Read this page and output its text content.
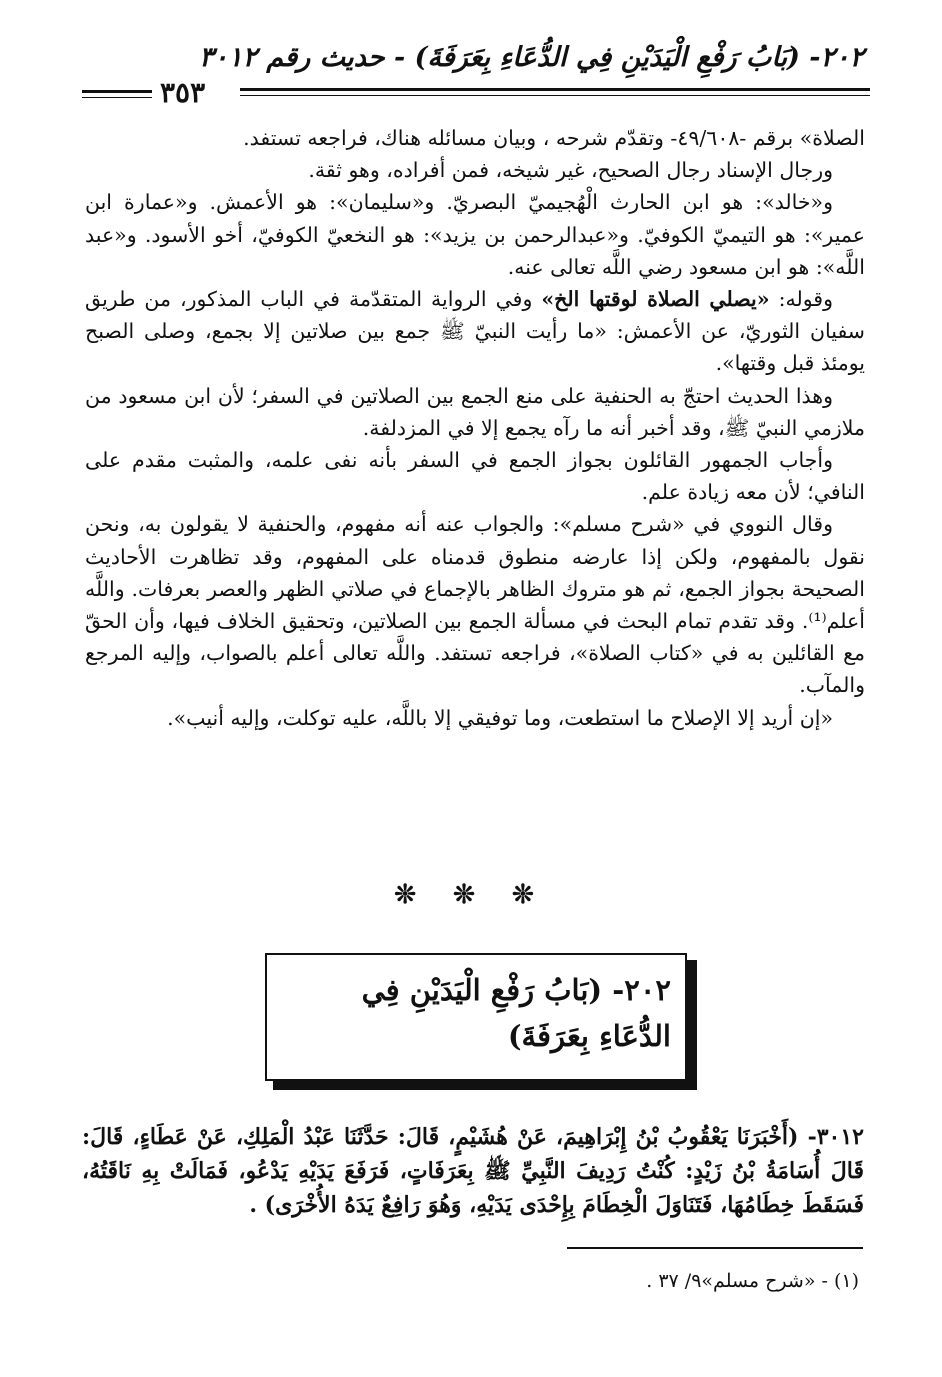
٢٠٢- (بَابُ رَفْعِ الْيَدَيْنِ فِي الدُّعَاءِ بِعَرَفَةَ) - حديث رقم ٣٠١٢
٣٥٣

الصلاة» برقم -٤٩/٦٠٨- وتقدّم شرحه ، وبيان مسائله هناك، فراجعه تستفد.

ورجال الإسناد رجال الصحيح، غير شيخه، فمن أفراده، وهو ثقة.

و«خالد»: هو ابن الحارث الْهُجيميّ البصريّ. و«سليمان»: هو الأعمش. و«عمارة ابن عمير»: هو التيميّ الكوفيّ. و«عبدالرحمن بن يزيد»: هو النخعيّ الكوفيّ، أخو الأسود. و«عبد اللَّه»: هو ابن مسعود رضي اللَّه تعالى عنه.

وقوله: «يصلي الصلاة لوقتها الخ» وفي الرواية المتقدّمة في الباب المذكور، من طريق سفيان الثوريّ، عن الأعمش: «ما رأيت النبيّ ﷺ جمع بين صلاتين إلا بجمع، وصلى الصبح يومئذ قبل وقتها».

وهذا الحديث احتجّ به الحنفية على منع الجمع بين الصلاتين في السفر؛ لأن ابن مسعود من ملازمي النبيّ ﷺ، وقد أخبر أنه ما رآه يجمع إلا في المزدلفة.

وأجاب الجمهور القائلون بجواز الجمع في السفر بأنه نفى علمه، والمثبت مقدم على النافي؛ لأن معه زيادة علم.

وقال النووي في «شرح مسلم»: والجواب عنه أنه مفهوم، والحنفية لا يقولون به، ونحن نقول بالمفهوم، ولكن إذا عارضه منطوق قدمناه على المفهوم، وقد تظاهرت الأحاديث الصحيحة بجواز الجمع، ثم هو متروك الظاهر بالإجماع في صلاتي الظهر والعصر بعرفات. واللَّه أعلم⁽¹⁾. وقد تقدم تمام البحث في مسألة الجمع بين الصلاتين، وتحقيق الخلاف فيها، وأن الحقّ مع القائلين به في «كتاب الصلاة»، فراجعه تستفد. واللَّه تعالى أعلم بالصواب، وإليه المرجع والمآب.

«إن أريد إلا الإصلاح ما استطعت، وما توفيقي إلا باللَّه، عليه توكلت، وإليه أنيب».

❊ ❊ ❊
٢٠٢- (بَابُ رَفْعِ الْيَدَيْنِ فِي الدُّعَاءِ بِعَرَفَةَ)
٣٠١٢- (أَخْبَرَنَا يَعْقُوبُ بْنُ إِبْرَاهِيمَ، عَنْ هُشَيْمٍ، قَالَ: حَدَّثَنَا عَبْدُ الْمَلِكِ، عَنْ عَطَاءٍ، قَالَ: قَالَ أُسَامَةُ بْنُ زَيْدٍ: كُنْتُ رَدِيفَ النَّبِيِّ ﷺ بِعَرَفَاتٍ، فَرَفَعَ يَدَيْهِ يَدْعُو، فَمَالَتْ بِهِ نَاقَتُهُ، فَسَقَطَ خِطَامُهَا، فَتَنَاوَلَ الْخِطَامَ بِإِحْدَى يَدَيْهِ، وَهُوَ رَافِعٌ يَدَهُ الأُخْرَى) .
(١) - «شرح مسلم»٩/ ٣٧ .
